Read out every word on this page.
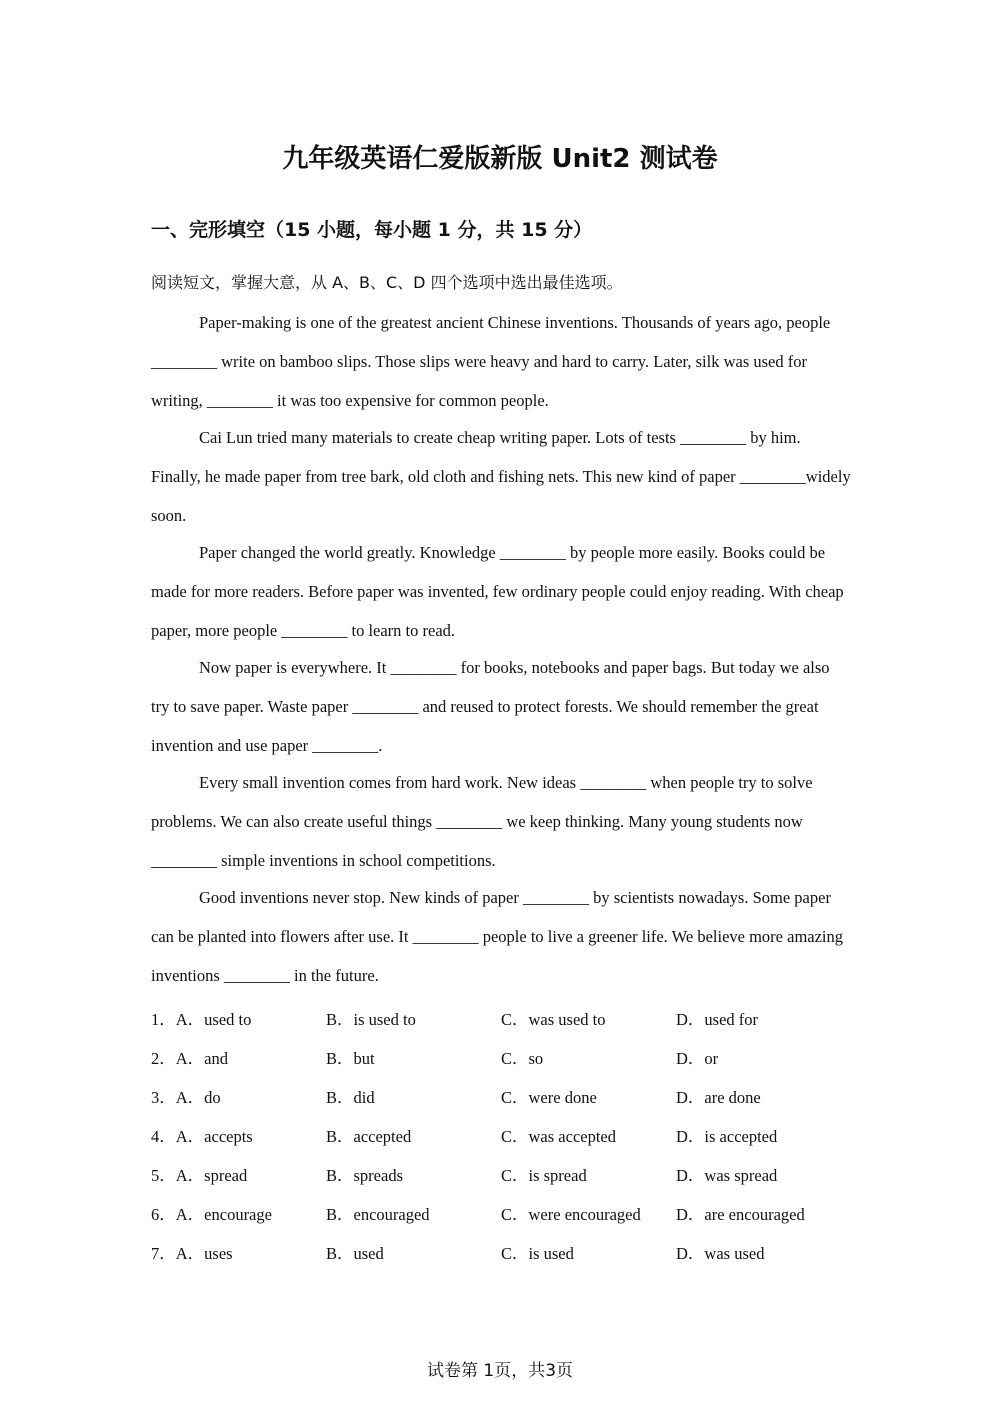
九年级英语仁爱版新版 Unit2 测试卷
一、完形填空（15 小题，每小题 1 分，共 15 分）
阅读短文，掌握大意，从 A、B、C、D 四个选项中选出最佳选项。

Paper-making is one of the greatest ancient Chinese inventions. Thousands of years ago, people ________ write on bamboo slips. Those slips were heavy and hard to carry. Later, silk was used for writing, ________ it was too expensive for common people.

Cai Lun tried many materials to create cheap writing paper. Lots of tests ________ by him. Finally, he made paper from tree bark, old cloth and fishing nets. This new kind of paper ________widely soon.

Paper changed the world greatly. Knowledge ________ by people more easily. Books could be made for more readers. Before paper was invented, few ordinary people could enjoy reading. With cheap paper, more people ________ to learn to read.

Now paper is everywhere. It ________ for books, notebooks and paper bags. But today we also try to save paper. Waste paper ________ and reused to protect forests. We should remember the great invention and use paper ________.

Every small invention comes from hard work. New ideas ________ when people try to solve problems. We can also create useful things ________ we keep thinking. Many young students now ________ simple inventions in school competitions.

Good inventions never stop. New kinds of paper ________ by scientists nowadays. Some paper can be planted into flowers after use. It ________ people to live a greener life. We believe more amazing inventions ________ in the future.

1．A．used to	B．is used to	C．was used to	D．used for
2．A．and	B．but	C．so	D．or
3．A．do	B．did	C．were done	D．are done
4．A．accepts	B．accepted	C．was accepted	D．is accepted
5．A．spread	B．spreads	C．is spread	D．was spread
6．A．encourage	B．encouraged	C．were encouraged	D．are encouraged
7．A．uses	B．used	C．is used	D．was used
试卷第 1页，共3页
